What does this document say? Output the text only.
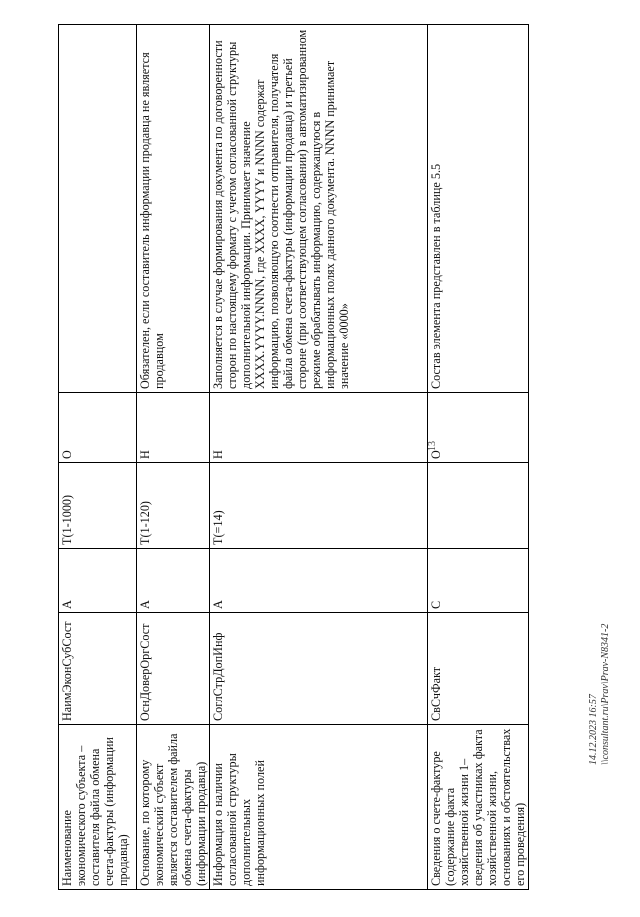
13
Наименование экономического субъекта – составителя файла обмена счета-фактуры (информации продавца)	НаимЭконСубСост	А	T(1-1000)	О	
Основание, по которому экономический субъект является составителем файла обмена счета-фактуры (информации продавца)	ОснДоверОргСост	А	T(1-120)	Н	Обязателен, если составитель информации продавца не является продавцом
Информация о наличии согласованной структуры дополнительных информационных полей	СоглСтрДопИнф	А	T(=14)	Н	Заполняется в случае формирования документа по договоренности сторон по настоящему формату с учетом согласованной структуры дополнительной информации. Принимает значение XXXX.YYYY.NNNN, где XXXX, YYYY и NNNN содержат информацию, позволяющую соотнести отправителя, получателя файла обмена счета-фактуры (информации продавца) и третьей стороне (при соответствующем согласовании) в автоматизированном режиме обрабатывать информацию, содержащуюся в информационных полях данного документа. NNNN принимает значение «0000»
Сведения о счете-фактуре (содержание факта хозяйственной жизни 1– сведения об участниках факта хозяйственной жизни, основаниях и обстоятельствах его проведения)	СвСчФакт	С		О	Состав элемента представлен в таблице 5.5
14.12.2023 16:57 \\consultant.ru\Prav\Prav-N8341-2
